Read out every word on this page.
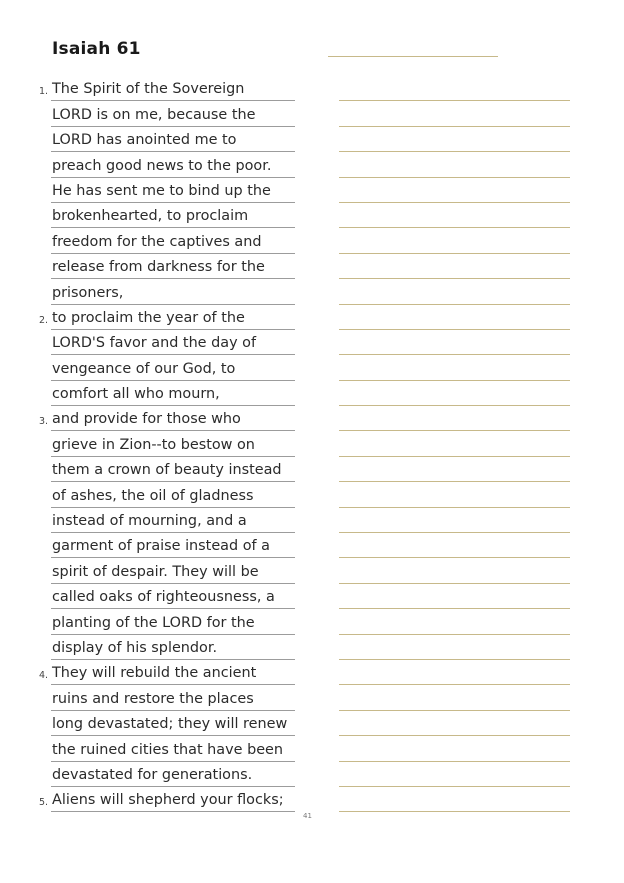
Isaiah 61
1. The Spirit of the Sovereign
LORD is on me, because the
LORD has anointed me to
preach good news to the poor.
He has sent me to bind up the
brokenhearted, to proclaim
freedom for the captives and
release from darkness for the
prisoners,
2. to proclaim the year of the
LORD'S favor and the day of
vengeance of our God, to
comfort all who mourn,
3. and provide for those who
grieve in Zion--to bestow on
them a crown of beauty instead
of ashes, the oil of gladness
instead of mourning, and a
garment of praise instead of a
spirit of despair. They will be
called oaks of righteousness, a
planting of the LORD for the
display of his splendor.
4. They will rebuild the ancient
ruins and restore the places
long devastated; they will renew
the ruined cities that have been
devastated for generations.
5. Aliens will shepherd your flocks;
41
